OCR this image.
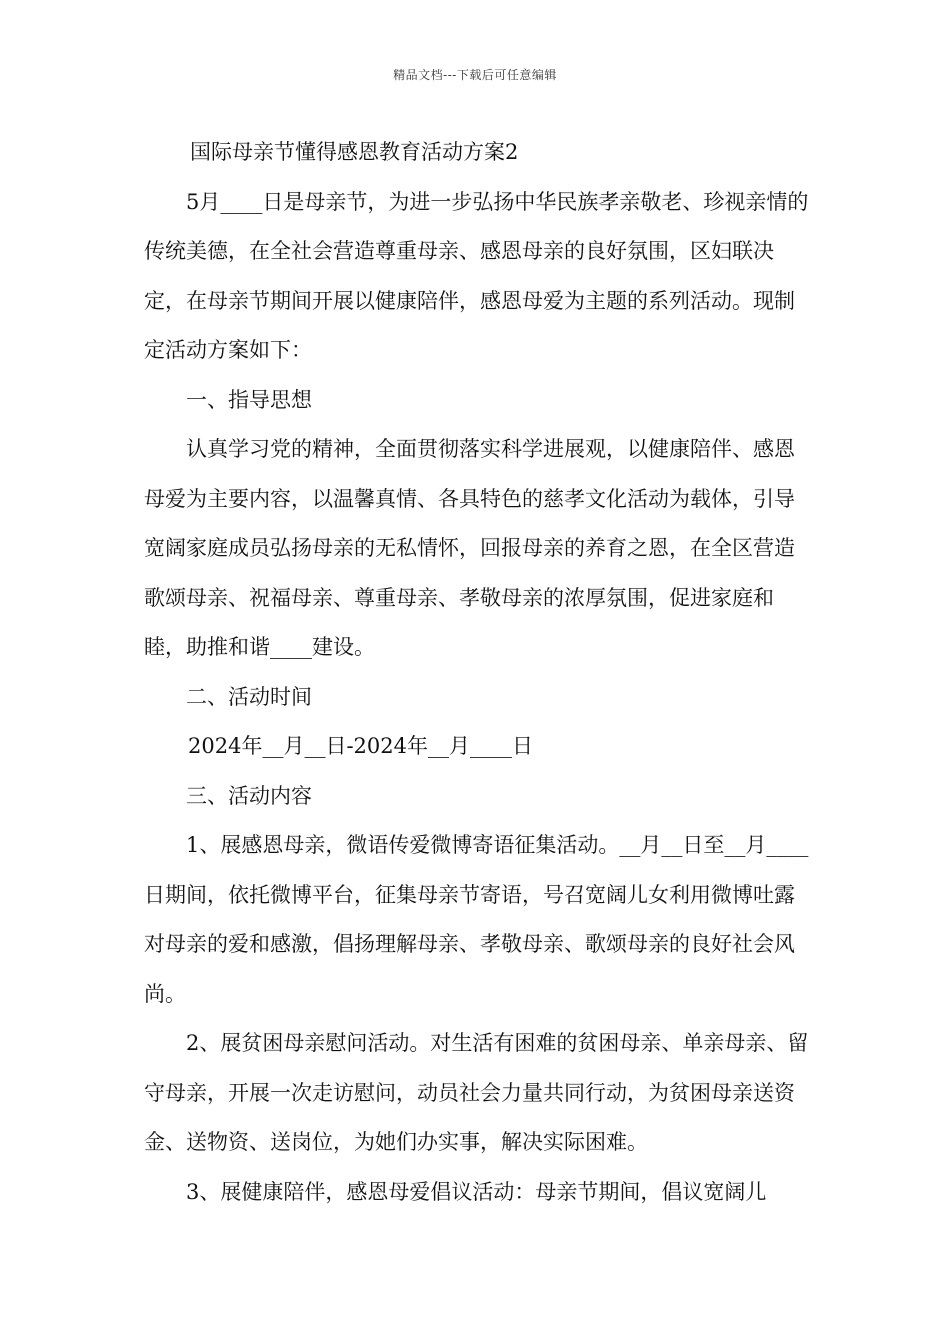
精品文档---下载后可任意编辑

国际母亲节懂得感恩教育活动方案2

5月____日是母亲节，为进一步弘扬中华民族孝亲敬老、珍视亲情的传统美德，在全社会营造尊重母亲、感恩母亲的良好氛围，区妇联决定，在母亲节期间开展以健康陪伴，感恩母爱为主题的系列活动。现制定活动方案如下：

一、指导思想

认真学习党的精神，全面贯彻落实科学进展观，以健康陪伴、感恩母爱为主要内容，以温馨真情、各具特色的慈孝文化活动为载体，引导宽阔家庭成员弘扬母亲的无私情怀，回报母亲的养育之恩，在全区营造歌颂母亲、祝福母亲、尊重母亲、孝敬母亲的浓厚氛围，促进家庭和睦，助推和谐____建设。

二、活动时间

2024年__月__日-2024年__月____日

三、活动内容

1、展感恩母亲，微语传爱微博寄语征集活动。__月__日至__月____日期间，依托微博平台，征集母亲节寄语，号召宽阔儿女利用微博吐露对母亲的爱和感激，倡扬理解母亲、孝敬母亲、歌颂母亲的良好社会风尚。

2、展贫困母亲慰问活动。对生活有困难的贫困母亲、单亲母亲、留守母亲，开展一次走访慰问，动员社会力量共同行动，为贫困母亲送资金、送物资、送岗位，为她们办实事，解决实际困难。

3、展健康陪伴，感恩母爱倡议活动：母亲节期间，倡议宽阔儿
